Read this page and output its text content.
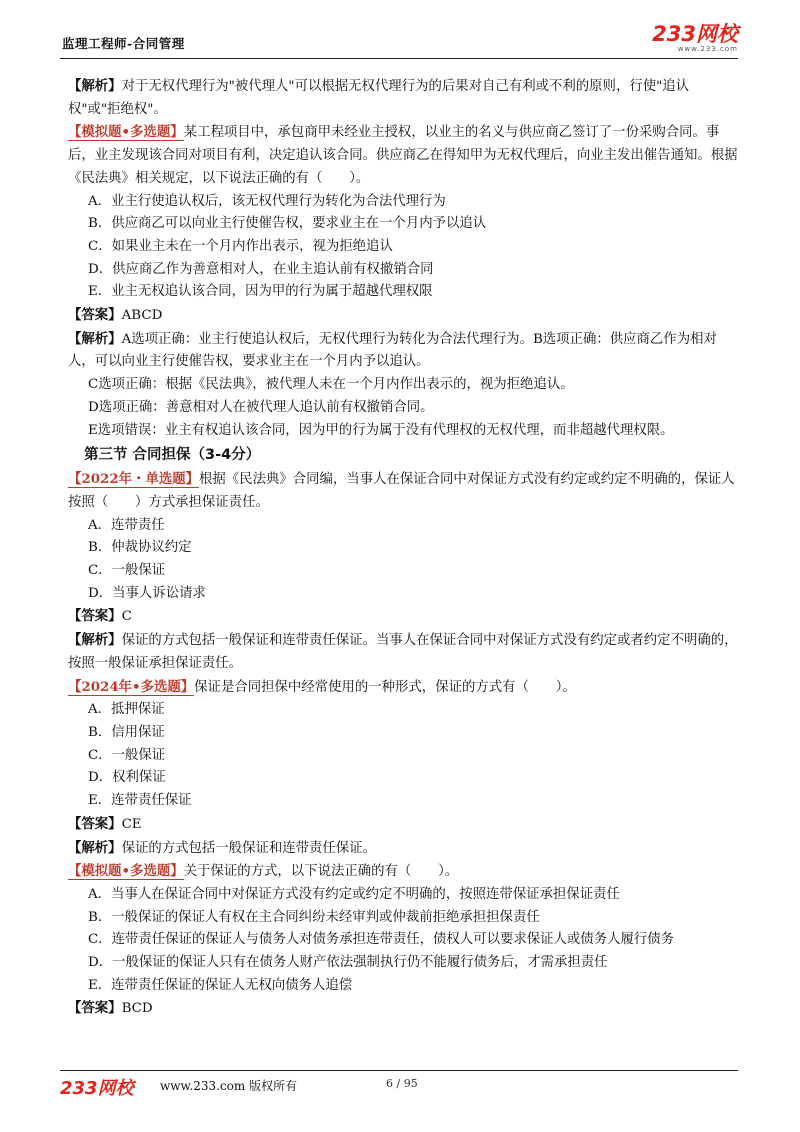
监理工程师-合同管理	233网校
www.233.com

【解析】对于无权代理行为"被代理人"可以根据无权代理行为的后果对自己有利或不利的原则，行使"追认权"或"拒绝权"。

【模拟题•多选题】某工程项目中，承包商甲未经业主授权，以业主的名义与供应商乙签订了一份采购合同。事后，业主发现该合同对项目有利，决定追认该合同。供应商乙在得知甲为无权代理后，向业主发出催告通知。根据《民法典》相关规定，以下说法正确的有（　　）。

A．业主行使追认权后，该无权代理行为转化为合法代理行为

B．供应商乙可以向业主行使催告权，要求业主在一个月内予以追认

C．如果业主未在一个月内作出表示，视为拒绝追认

D．供应商乙作为善意相对人，在业主追认前有权撤销合同

E．业主无权追认该合同，因为甲的行为属于超越代理权限

【答案】ABCD

【解析】A选项正确：业主行使追认权后，无权代理行为转化为合法代理行为。B选项正确：供应商乙作为相对人，可以向业主行使催告权，要求业主在一个月内予以追认。

C选项正确：根据《民法典》，被代理人未在一个月内作出表示的，视为拒绝追认。

D选项正确：善意相对人在被代理人追认前有权撤销合同。

E选项错误：业主有权追认该合同，因为甲的行为属于没有代理权的无权代理，而非超越代理权限。

第三节 合同担保（3-4分）

【2022年・单选题】根据《民法典》合同编，当事人在保证合同中对保证方式没有约定或约定不明确的，保证人按照（　　）方式承担保证责任。

A．连带责任

B．仲裁协议约定

C．一般保证

D．当事人诉讼请求

【答案】C

【解析】保证的方式包括一般保证和连带责任保证。当事人在保证合同中对保证方式没有约定或者约定不明确的，按照一般保证承担保证责任。

【2024年•多选题】保证是合同担保中经常使用的一种形式，保证的方式有（　　）。

A．抵押保证

B．信用保证

C．一般保证

D．权利保证

E．连带责任保证

【答案】CE

【解析】保证的方式包括一般保证和连带责任保证。

【模拟题•多选题】关于保证的方式，以下说法正确的有（　　）。

A．当事人在保证合同中对保证方式没有约定或约定不明确的，按照连带保证承担保证责任

B．一般保证的保证人有权在主合同纠纷未经审判或仲裁前拒绝承担担保责任

C．连带责任保证的保证人与债务人对债务承担连带责任，债权人可以要求保证人或债务人履行债务

D．一般保证的保证人只有在债务人财产依法强制执行仍不能履行债务后，才需承担责任

E．连带责任保证的保证人无权向债务人追偿

【答案】BCD

233网校 www.233.com 版权所有	6 / 95
